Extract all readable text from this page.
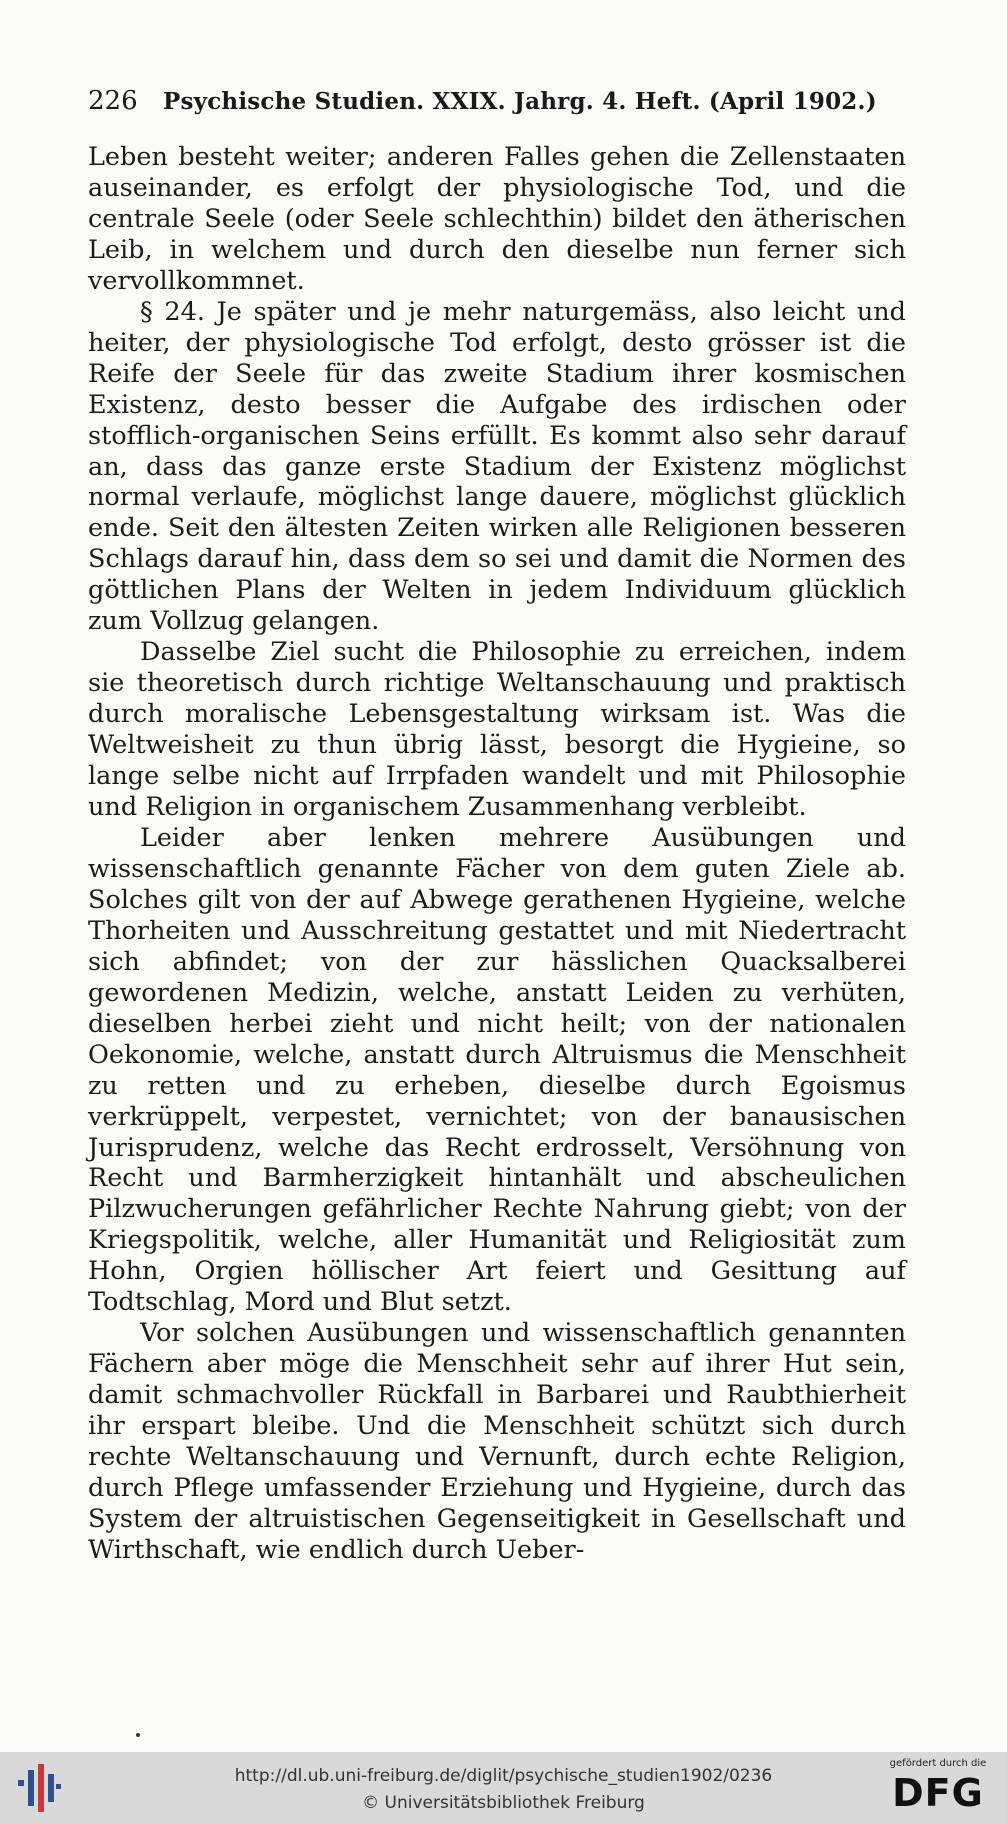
226 Psychische Studien. XXIX. Jahrg. 4. Heft. (April 1902.)

Leben besteht weiter; anderen Falles gehen die Zellenstaaten auseinander, es erfolgt der physiologische Tod, und die centrale Seele (oder Seele schlechthin) bildet den ätherischen Leib, in welchem und durch den dieselbe nun ferner sich vervollkommnet.

§ 24. Je später und je mehr naturgemäss, also leicht und heiter, der physiologische Tod erfolgt, desto grösser ist die Reife der Seele für das zweite Stadium ihrer kosmischen Existenz, desto besser die Aufgabe des irdischen oder stofflich-organischen Seins erfüllt. Es kommt also sehr darauf an, dass das ganze erste Stadium der Existenz möglichst normal verlaufe, möglichst lange dauere, möglichst glücklich ende. Seit den ältesten Zeiten wirken alle Religionen besseren Schlags darauf hin, dass dem so sei und damit die Normen des göttlichen Plans der Welten in jedem Individuum glücklich zum Vollzug gelangen.

Dasselbe Ziel sucht die Philosophie zu erreichen, indem sie theoretisch durch richtige Weltanschauung und praktisch durch moralische Lebensgestaltung wirksam ist. Was die Weltweisheit zu thun übrig lässt, besorgt die Hygieine, so lange selbe nicht auf Irrpfaden wandelt und mit Philosophie und Religion in organischem Zusammenhang verbleibt.

Leider aber lenken mehrere Ausübungen und wissenschaftlich genannte Fächer von dem guten Ziele ab. Solches gilt von der auf Abwege gerathenen Hygieine, welche Thorheiten und Ausschreitung gestattet und mit Niedertracht sich abfindet; von der zur hässlichen Quacksalberei gewordenen Medizin, welche, anstatt Leiden zu verhüten, dieselben herbei zieht und nicht heilt; von der nationalen Oekonomie, welche, anstatt durch Altruismus die Menschheit zu retten und zu erheben, dieselbe durch Egoismus verkrüppelt, verpestet, vernichtet; von der banausischen Jurisprudenz, welche das Recht erdrosselt, Versöhnung von Recht und Barmherzigkeit hintanhält und abscheulichen Pilzwucherungen gefährlicher Rechte Nahrung giebt; von der Kriegspolitik, welche, aller Humanität und Religiosität zum Hohn, Orgien höllischer Art feiert und Gesittung auf Todtschlag, Mord und Blut setzt.

Vor solchen Ausübungen und wissenschaftlich genannten Fächern aber möge die Menschheit sehr auf ihrer Hut sein, damit schmachvoller Rückfall in Barbarei und Raubthierheit ihr erspart bleibe. Und die Menschheit schützt sich durch rechte Weltanschauung und Vernunft, durch echte Religion, durch Pflege umfassender Erziehung und Hygieine, durch das System der altruistischen Gegenseitigkeit in Gesellschaft und Wirthschaft, wie endlich durch Ueber-

http://dl.ub.uni-freiburg.de/diglit/psychische_studien1902/0236
© Universitätsbibliothek Freiburg
gefördert durch die
DFG
